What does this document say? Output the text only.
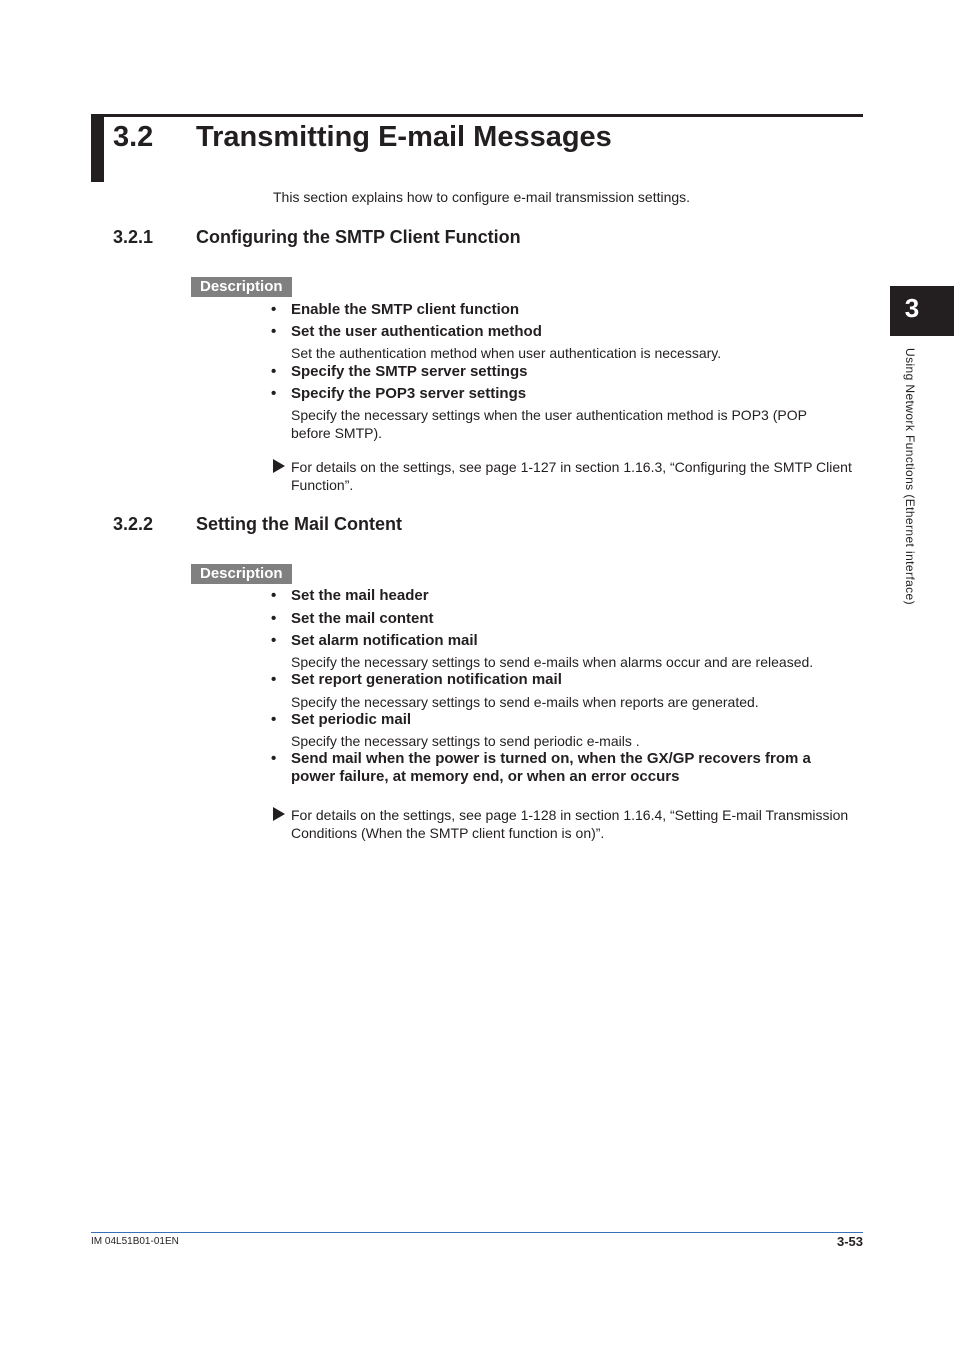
3.2 Transmitting E-mail Messages
This section explains how to configure e-mail transmission settings.
3.2.1 Configuring the SMTP Client Function
Description
• Enable the SMTP client function
• Set the user authentication method
Set the authentication method when user authentication is necessary.
• Specify the SMTP server settings
• Specify the POP3 server settings
Specify the necessary settings when the user authentication method is POP3 (POP
before SMTP).
For details on the settings, see page 1-127 in section 1.16.3, “Configuring the SMTP Client
Function”.
3.2.2 Setting the Mail Content
Description
• Set the mail header
• Set the mail content
• Set alarm notification mail
Specify the necessary settings to send e-mails when alarms occur and are released.
• Set report generation notification mail
Specify the necessary settings to send e-mails when reports are generated.
• Set periodic mail
Specify the necessary settings to send periodic e-mails .
• Send mail when the power is turned on, when the GX/GP recovers from a
power failure, at memory end, or when an error occurs
For details on the settings, see page 1-128 in section 1.16.4, “Setting E-mail Transmission
Conditions (When the SMTP client function is on)”.
3
Using Network Functions (Ethernet interface)
IM 04L51B01-01EN	3-53
